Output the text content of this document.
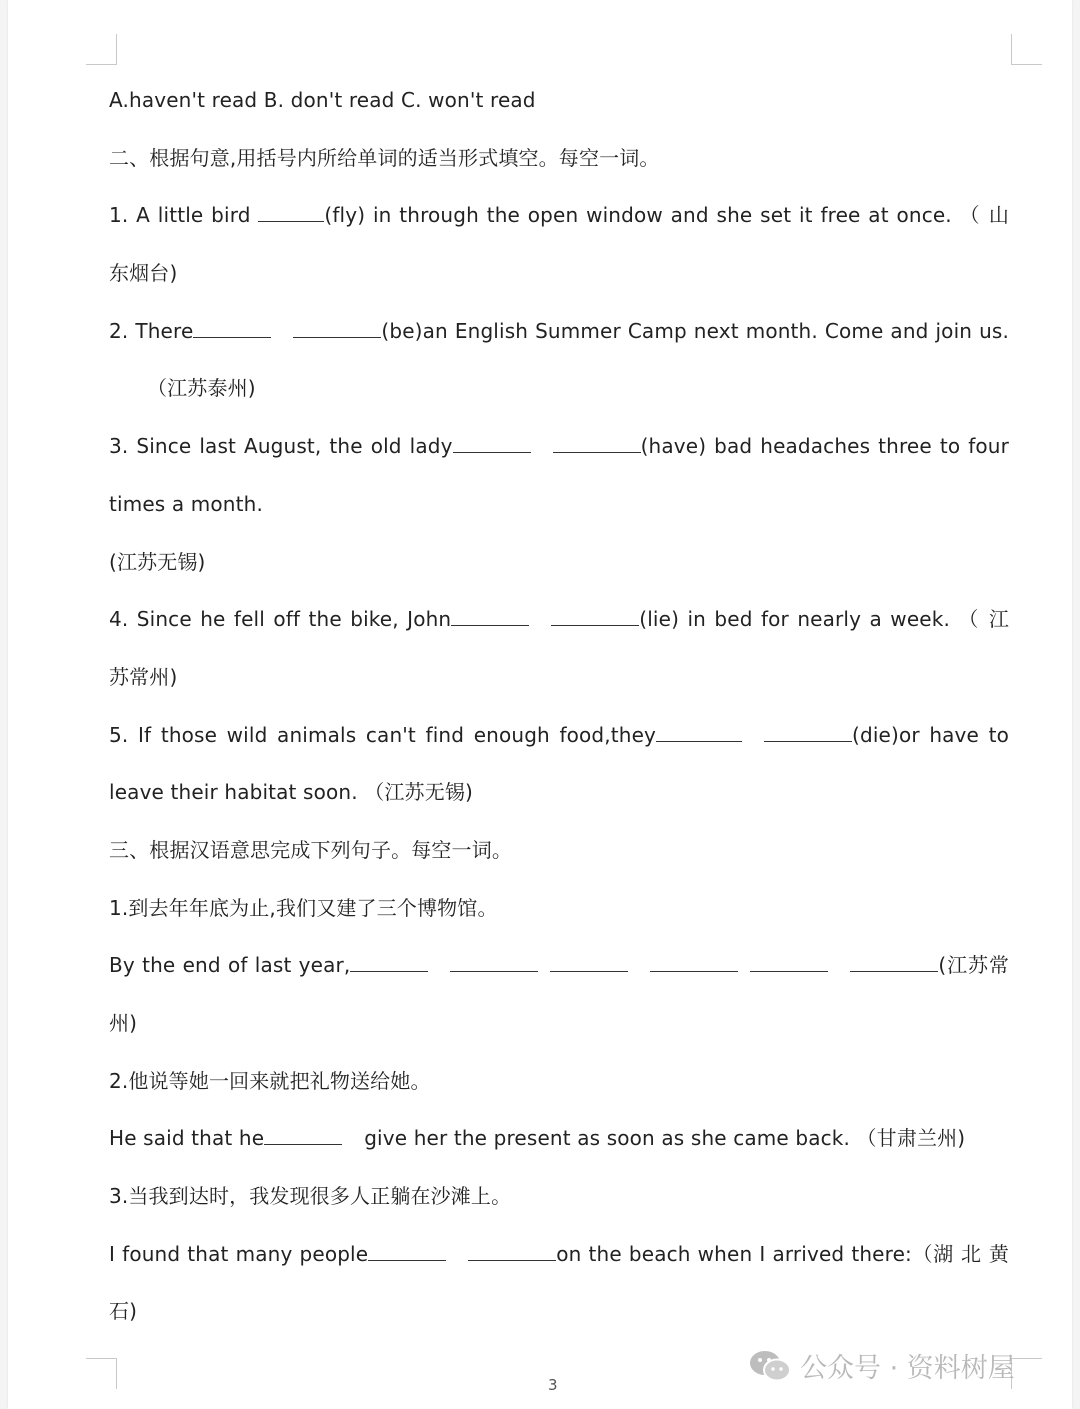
A.haven't read B. don't read C. won't read
二、根据句意,用括号内所给单词的适当形式填空。每空一词。
1. A little bird	(fly) in through the open window and she set it free at once. （ 山
东烟台)
2. There	(be)an English Summer Camp next month. Come and join us.
（江苏泰州)
3. Since last August, the old lady	(have) bad headaches three to four
times a month.
(江苏无锡)
4. Since he fell off the bike, John	(lie) in bed for nearly a week. （ 江
苏常州)
5. If those wild animals can't find enough food,they	(die)or have to
leave their habitat soon. （江苏无锡)
三、根据汉语意思完成下列句子。每空一词。
1.到去年年底为止,我们又建了三个博物馆。
By the end of last year,	(江苏常
州)
2.他说等她一回来就把礼物送给她。
He said that he	give her the present as soon as she came back. （甘肃兰州)
3.当我到达时，我发现很多人正躺在沙滩上。
I found that many people	on the beach when I arrived there:（湖 北 黄
石)
3
公众号 · 资料树屋
